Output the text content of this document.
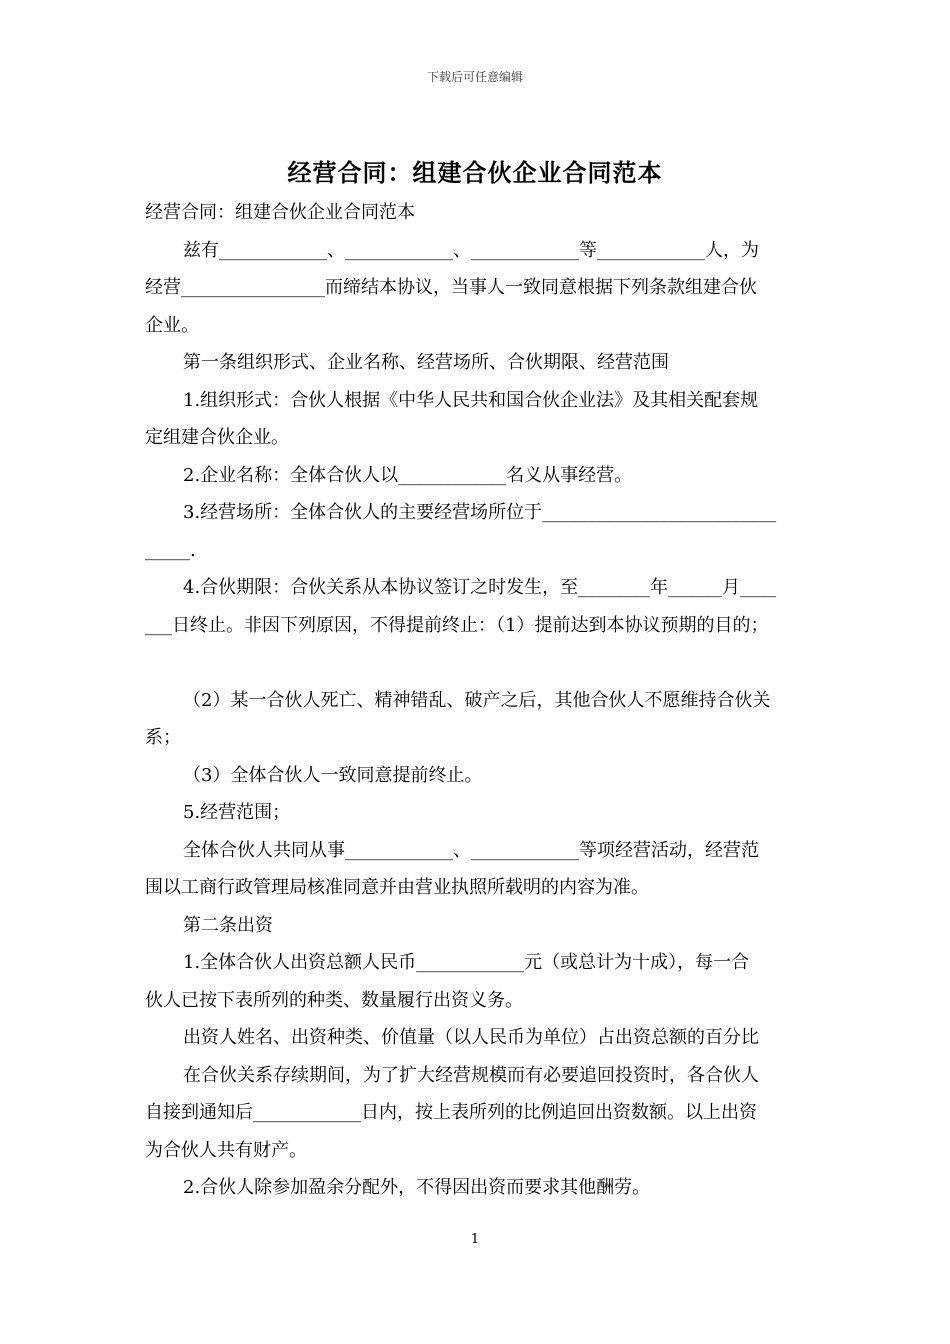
下载后可任意编辑
经营合同：组建合伙企业合同范本

经营合同：组建合伙企业合同范本

兹有____________、____________、____________等____________人，为

经营________________而缔结本协议，当事人一致同意根据下列条款组建合伙

企业。

第一条组织形式、企业名称、经营场所、合伙期限、经营范围

1.组织形式：合伙人根据《中华人民共和国合伙企业法》及其相关配套规

定组建合伙企业。

2.企业名称：全体合伙人以____________名义从事经营。

3.经营场所：全体合伙人的主要经营场所位于__________________________

_____.

4.合伙期限：合伙关系从本协议签订之时发生，至________年______月____

___日终止。非因下列原因，不得提前终止：（1）提前达到本协议预期的目的；

（2）某一合伙人死亡、精神错乱、破产之后，其他合伙人不愿维持合伙关

系；

（3）全体合伙人一致同意提前终止。

5.经营范围；

全体合伙人共同从事____________、____________等项经营活动，经营范

围以工商行政管理局核准同意并由营业执照所载明的内容为准。

第二条出资

1.全体合伙人出资总额人民币____________元（或总计为十成），每一合

伙人已按下表所列的种类、数量履行出资义务。

出资人姓名、出资种类、价值量（以人民币为单位）占出资总额的百分比

在合伙关系存续期间，为了扩大经营规模而有必要追回投资时，各合伙人

自接到通知后____________日内，按上表所列的比例追回出资数额。以上出资

为合伙人共有财产。

2.合伙人除参加盈余分配外，不得因出资而要求其他酬劳。

1
